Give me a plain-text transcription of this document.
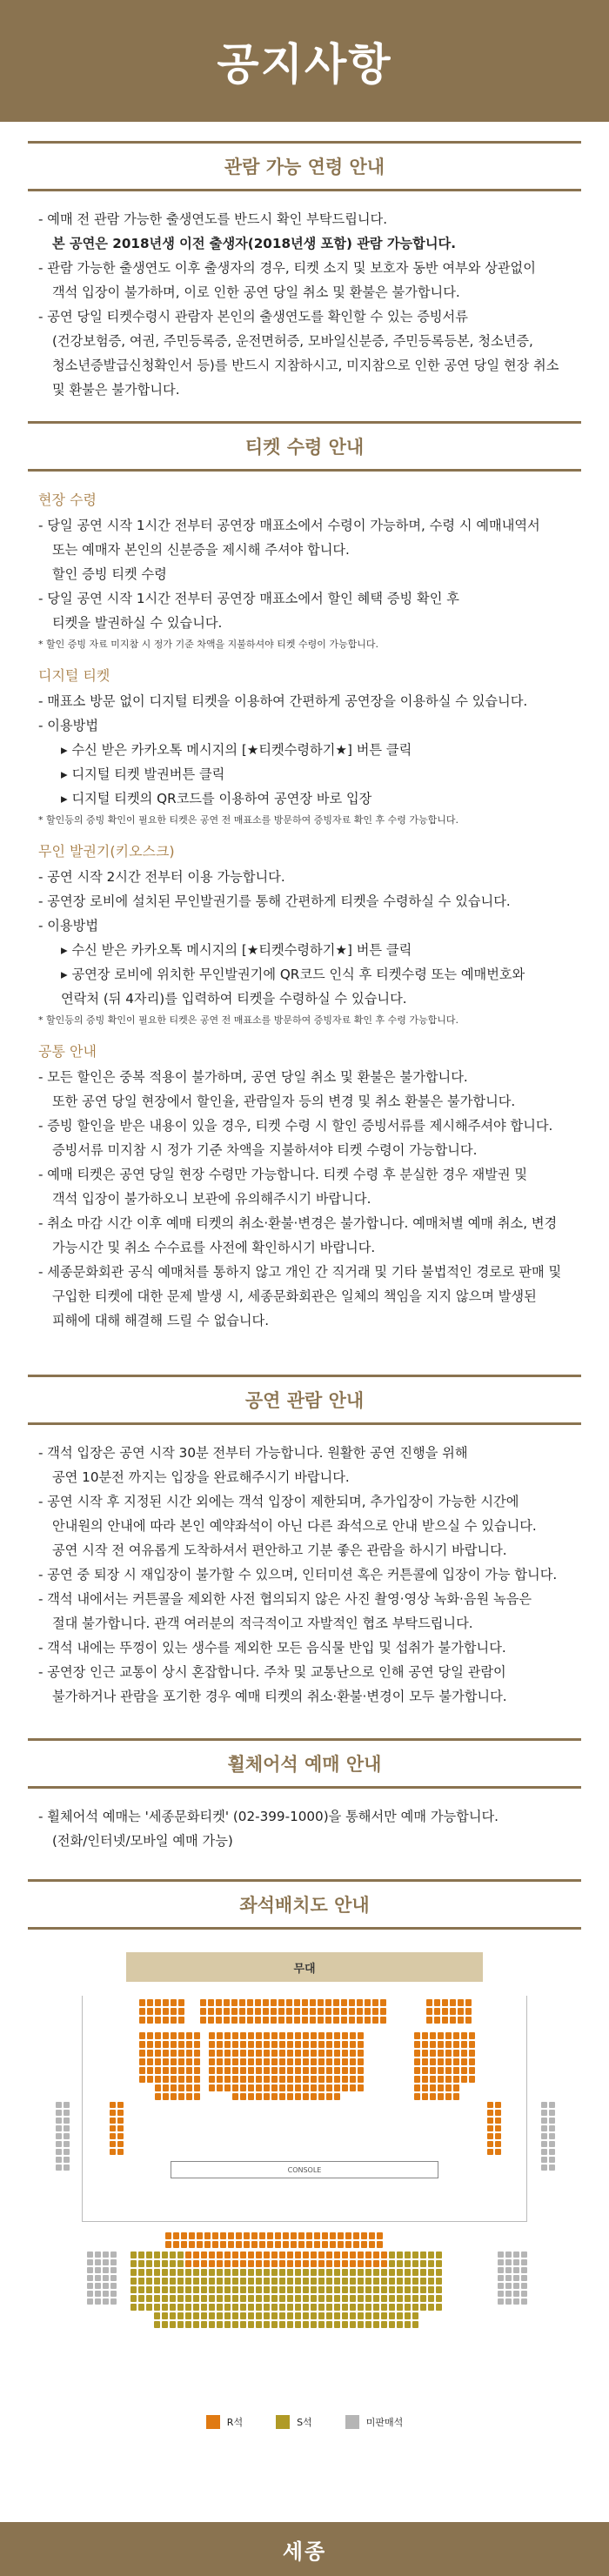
공지사항
관람 가능 연령 안내

- 예매 전 관람 가능한 출생연도를 반드시 확인 부탁드립니다.

본 공연은 2018년생 이전 출생자(2018년생 포함) 관람 가능합니다.

- 관람 가능한 출생연도 이후 출생자의 경우, 티켓 소지 및 보호자 동반 여부와 상관없이

객석 입장이 불가하며, 이로 인한 공연 당일 취소 및 환불은 불가합니다.

- 공연 당일 티켓수령시 관람자 본인의 출생연도를 확인할 수 있는 증빙서류

(건강보험증, 여권, 주민등록증, 운전면허증, 모바일신분증, 주민등록등본, 청소년증,

청소년증발급신청확인서 등)를 반드시 지참하시고, 미지참으로 인한 공연 당일 현장 취소

및 환불은 불가합니다.

티켓 수령 안내
현장 수령

- 당일 공연 시작 1시간 전부터 공연장 매표소에서 수령이 가능하며, 수령 시 예매내역서

또는 예매자 본인의 신분증을 제시해 주셔야 합니다.

할인 증빙 티켓 수령

- 당일 공연 시작 1시간 전부터 공연장 매표소에서 할인 혜택 증빙 확인 후

티켓을 발권하실 수 있습니다.

* 할인 증빙 자료 미지참 시 정가 기준 차액을 지불하셔야 티켓 수령이 가능합니다.

디지털 티켓

- 매표소 방문 없이 디지털 티켓을 이용하여 간편하게 공연장을 이용하실 수 있습니다.

- 이용방법

▸ 수신 받은 카카오톡 메시지의 [★티켓수령하기★] 버튼 클릭

▸ 디지털 티켓 발권버튼 클릭

▸ 디지털 티켓의 QR코드를 이용하여 공연장 바로 입장

* 할인등의 증빙 확인이 필요한 티켓은 공연 전 매표소를 방문하여 증빙자료 확인 후 수령 가능합니다.

무인 발권기(키오스크)

- 공연 시작 2시간 전부터 이용 가능합니다.

- 공연장 로비에 설치된 무인발권기를 통해 간편하게 티켓을 수령하실 수 있습니다.

- 이용방법

▸ 수신 받은 카카오톡 메시지의 [★티켓수령하기★] 버튼 클릭

▸ 공연장 로비에 위치한 무인발권기에 QR코드 인식 후 티켓수령 또는 예매번호와

연락처 (뒤 4자리)를 입력하여 티켓을 수령하실 수 있습니다.

* 할인등의 증빙 확인이 필요한 티켓은 공연 전 매표소를 방문하여 증빙자료 확인 후 수령 가능합니다.

공통 안내

- 모든 할인은 중복 적용이 불가하며, 공연 당일 취소 및 환불은 불가합니다.

또한 공연 당일 현장에서 할인율, 관람일자 등의 변경 및 취소 환불은 불가합니다.

- 증빙 할인을 받은 내용이 있을 경우, 티켓 수령 시 할인 증빙서류를 제시해주셔야 합니다.

증빙서류 미지참 시 정가 기준 차액을 지불하셔야 티켓 수령이 가능합니다.

- 예매 티켓은 공연 당일 현장 수령만 가능합니다. 티켓 수령 후 분실한 경우 재발권 및

객석 입장이 불가하오니 보관에 유의해주시기 바랍니다.

- 취소 마감 시간 이후 예매 티켓의 취소·환불·변경은 불가합니다. 예매처별 예매 취소, 변경

가능시간 및 취소 수수료를 사전에 확인하시기 바랍니다.

- 세종문화회관 공식 예매처를 통하지 않고 개인 간 직거래 및 기타 불법적인 경로로 판매 및

구입한 티켓에 대한 문제 발생 시, 세종문화회관은 일체의 책임을 지지 않으며 발생된

피해에 대해 해결해 드릴 수 없습니다.

공연 관람 안내

- 객석 입장은 공연 시작 30분 전부터 가능합니다. 원활한 공연 진행을 위해

공연 10분전 까지는 입장을 완료해주시기 바랍니다.

- 공연 시작 후 지정된 시간 외에는 객석 입장이 제한되며, 추가입장이 가능한 시간에

안내원의 안내에 따라 본인 예약좌석이 아닌 다른 좌석으로 안내 받으실 수 있습니다.

공연 시작 전 여유롭게 도착하셔서 편안하고 기분 좋은 관람을 하시기 바랍니다.

- 공연 중 퇴장 시 재입장이 불가할 수 있으며, 인터미션 혹은 커튼콜에 입장이 가능 합니다.

- 객석 내에서는 커튼콜을 제외한 사전 협의되지 않은 사진 촬영·영상 녹화·음원 녹음은

절대 불가합니다. 관객 여러분의 적극적이고 자발적인 협조 부탁드립니다.

- 객석 내에는 뚜껑이 있는 생수를 제외한 모든 음식물 반입 및 섭취가 불가합니다.

- 공연장 인근 교통이 상시 혼잡합니다. 주차 및 교통난으로 인해 공연 당일 관람이

불가하거나 관람을 포기한 경우 예매 티켓의 취소·환불·변경이 모두 불가합니다.

휠체어석 예매 안내

- 휠체어석 예매는 '세종문화티켓' (02-399-1000)을 통해서만 예매 가능합니다.

(전화/인터넷/모바일 예매 가능)

좌석배치도 안내
무대
CONSOLE
R석	S석	미판매석
세종
